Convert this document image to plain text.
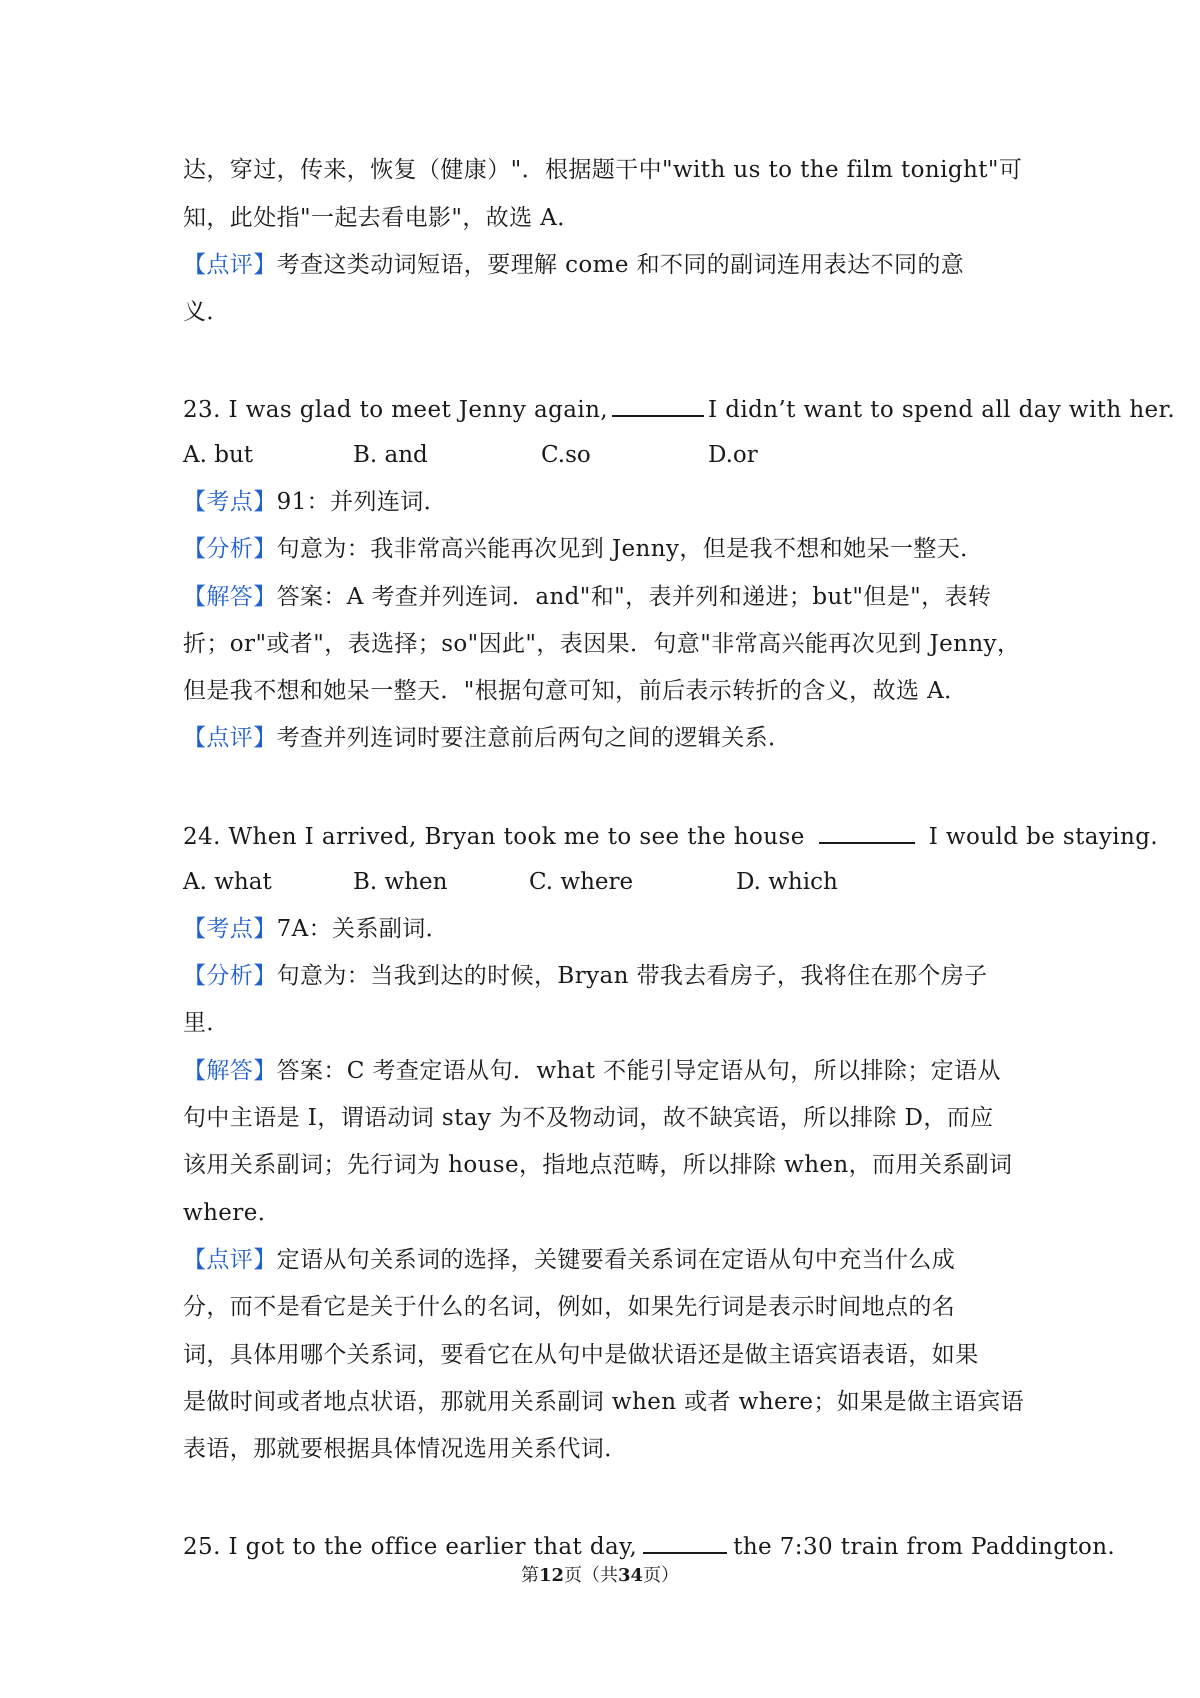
达，穿过，传来，恢复（健康）"．根据题干中"with us to the film tonight"可
知，此处指"一起去看电影"，故选 A．
【点评】考查这类动词短语，要理解 come 和不同的副词连用表达不同的意
义．
23. I was glad to meet Jenny again,	I didn’t want to spend all day with her.
A. but	B. and	C.so	D.or
【考点】91：并列连词．
【分析】句意为：我非常高兴能再次见到 Jenny，但是我不想和她呆一整天．
【解答】答案：A 考查并列连词．and"和"，表并列和递进；but"但是"，表转
折；or"或者"，表选择；so"因此"，表因果．句意"非常高兴能再次见到 Jenny，
但是我不想和她呆一整天．"根据句意可知，前后表示转折的含义，故选 A．
【点评】考查并列连词时要注意前后两句之间的逻辑关系．
24. When I arrived, Bryan took me to see the house	I would be staying.
A. what	B. when	C. where	D. which
【考点】7A：关系副词．
【分析】句意为：当我到达的时候，Bryan 带我去看房子，我将住在那个房子
里．
【解答】答案：C 考查定语从句．what 不能引导定语从句，所以排除；定语从
句中主语是 I，谓语动词 stay 为不及物动词，故不缺宾语，所以排除 D，而应
该用关系副词；先行词为 house，指地点范畴，所以排除 when，而用关系副词
where．
【点评】定语从句关系词的选择，关键要看关系词在定语从句中充当什么成
分，而不是看它是关于什么的名词，例如，如果先行词是表示时间地点的名
词，具体用哪个关系词，要看它在从句中是做状语还是做主语宾语表语，如果
是做时间或者地点状语，那就用关系副词 when 或者 where；如果是做主语宾语
表语，那就要根据具体情况选用关系代词．
25. I got to the office earlier that day,	the 7:30 train from Paddington.
第12页（共34页）
